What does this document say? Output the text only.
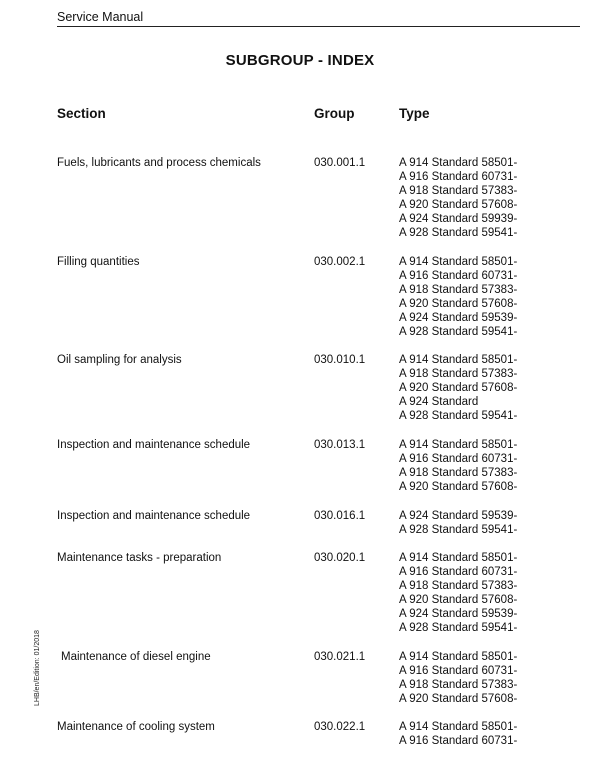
Service Manual
SUBGROUP - INDEX
Section	Group	Type
Fuels, lubricants and process chemicals	030.001.1	A 914 Standard 58501-
A 916 Standard 60731-
A 918 Standard 57383-
A 920 Standard 57608-
A 924 Standard 59939-
A 928 Standard 59541-
Filling quantities	030.002.1	A 914 Standard 58501-
A 916 Standard 60731-
A 918 Standard 57383-
A 920 Standard 57608-
A 924 Standard 59539-
A 928 Standard 59541-
Oil sampling for analysis	030.010.1	A 914 Standard 58501-
A 918 Standard 57383-
A 920 Standard 57608-
A 924 Standard
A 928 Standard 59541-
Inspection and maintenance schedule	030.013.1	A 914 Standard 58501-
A 916 Standard 60731-
A 918 Standard 57383-
A 920 Standard 57608-
Inspection and maintenance schedule	030.016.1	A 924 Standard 59539-
A 928 Standard 59541-
Maintenance tasks - preparation	030.020.1	A 914 Standard 58501-
A 916 Standard 60731-
A 918 Standard 57383-
A 920 Standard 57608-
A 924 Standard 59539-
A 928 Standard 59541-
Maintenance of diesel engine	030.021.1	A 914 Standard 58501-
A 916 Standard 60731-
A 918 Standard 57383-
A 920 Standard 57608-
Maintenance of cooling system	030.022.1	A 914 Standard 58501-
A 916 Standard 60731-
LHB/en/Edition: 01/2018
